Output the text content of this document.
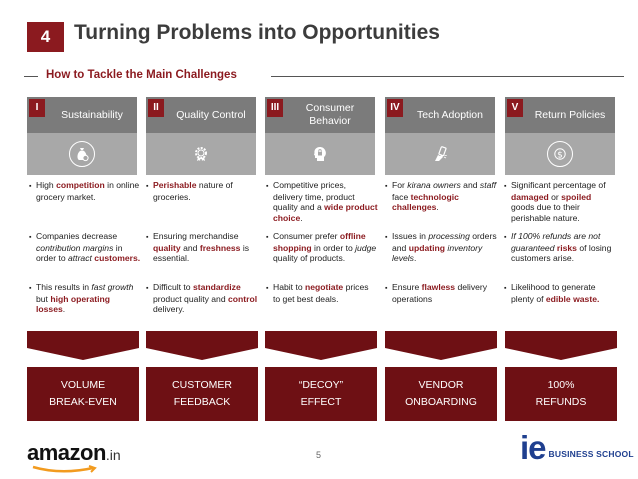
4	Turning Problems into Opportunities
How to Tackle the Main Challenges
I
Sustainability
II
Quality Control
III	Consumer Behavior
IV
Tech Adoption
V
Return Policies
$
▪ High competition in online grocery market.
▪ Companies decrease contribution margins in order to attract customers.
▪ This results in fast growth but high operating losses.
▪ Perishable nature of groceries.
▪ Ensuring merchandise quality and freshness is essential.
▪ Difficult to standardize product quality and control delivery.
▪ Competitive prices, delivery time, product quality and a wide product choice.
▪ Consumer prefer offline shopping in order to judge quality of products.
▪ Habit to negotiate prices to get best deals.
▪ For kirana owners and staff face technologic challenges.
▪ Issues in processing orders and updating inventory levels.
▪ Ensure flawless delivery operations
▪ Significant percentage of damaged or spoiled goods due to their perishable nature.
▪ If 100% refunds are not guaranteed risks of losing customers arise.
▪ Likelihood to generate plenty of edible waste.
VOLUME
BREAK-EVEN
CUSTOMER
FEEDBACK
“DECOY”
EFFECT
VENDOR
ONBOARDING
100%
REFUNDS
amazon .in	5	ie BUSINESS SCHOOL
